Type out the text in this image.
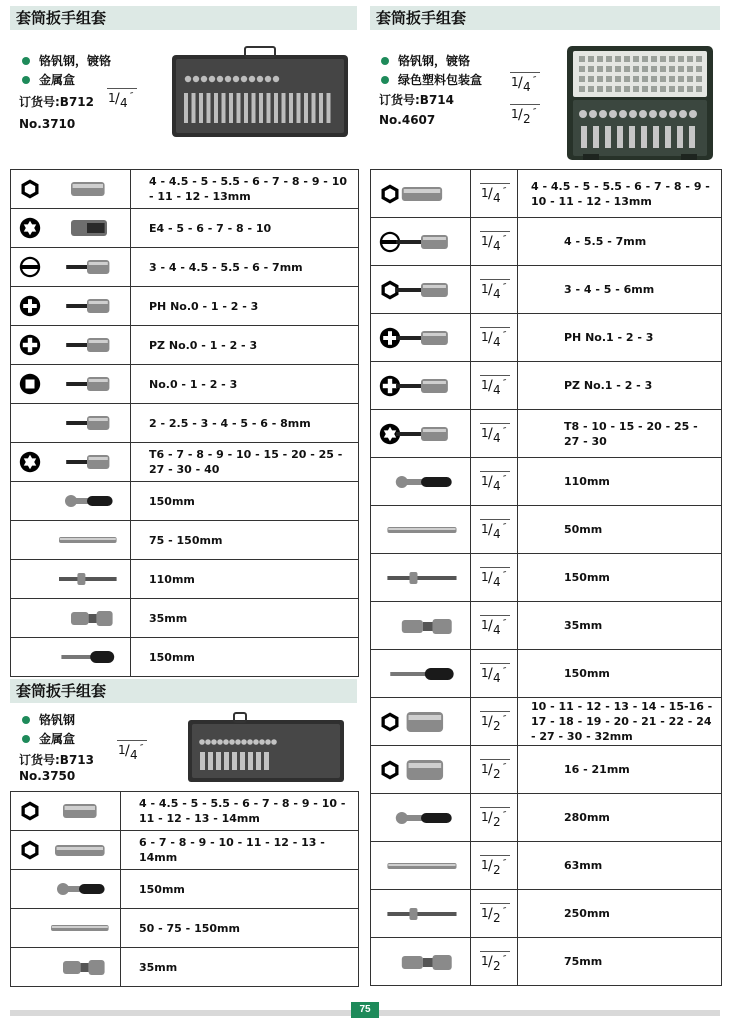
套筒扳手组套
铬钒钢，镀铬
金属盒
订货号:B712
No.3710
1 / 4 ″
	4 - 4.5 - 5 - 5.5 - 6 - 7 - 8 - 9 - 10 - 11 - 12 - 13mm

	E4 - 5 - 6 - 7 - 8 - 10

	3 - 4 - 4.5 - 5.5 - 6 - 7mm

	PH No.0 - 1 - 2 - 3

	PZ No.0 - 1 - 2 - 3

	No.0 - 1 - 2 - 3

	2 - 2.5 - 3 - 4 - 5 - 6 - 8mm

	T6 - 7 - 8 - 9 - 10 - 15 - 20 - 25 - 27 - 30 - 40

	150mm

	75 - 150mm

	110mm

	35mm

	150mm
套筒扳手组套
铬钒钢
金属盒
订货号:B713
No.3750
1 / 4 ″
	4 - 4.5 - 5 - 5.5 - 6 - 7 - 8 - 9 - 10 - 11 - 12 - 13 - 14mm

	6 - 7 - 8 - 9 - 10 - 11 - 12 - 13 - 14mm

	150mm

	50 - 75 - 150mm

	35mm
套筒扳手组套
铬钒钢，镀铬
绿色塑料包装盒
订货号:B714
No.4607
1 / 4 ″
1 / 2 ″

1 / 4 ″	4 - 4.5 - 5 - 5.5 - 6 - 7 - 8 - 9 - 10 - 11 - 12 - 13mm

1 / 4 ″	4 - 5.5 - 7mm

1 / 4 ″	3 - 4 - 5 - 6mm

1 / 4 ″	PH No.1 - 2 - 3

1 / 4 ″	PZ No.1 - 2 - 3

1 / 4 ″	T8 - 10 - 15 - 20 - 25 - 27 - 30

1 / 4 ″	110mm

1 / 4 ″	50mm

1 / 4 ″	150mm

1 / 4 ″	35mm

1 / 4 ″	150mm

1 / 2 ″	10 - 11 - 12 - 13 - 14 - 15-16 - 17 - 18 - 19 - 20 - 21 - 22 - 24 - 27 - 30 - 32mm

1 / 2 ″	16 - 21mm

1 / 2 ″	280mm

1 / 2 ″	63mm

1 / 2 ″	250mm

1 / 2 ″	75mm
75
